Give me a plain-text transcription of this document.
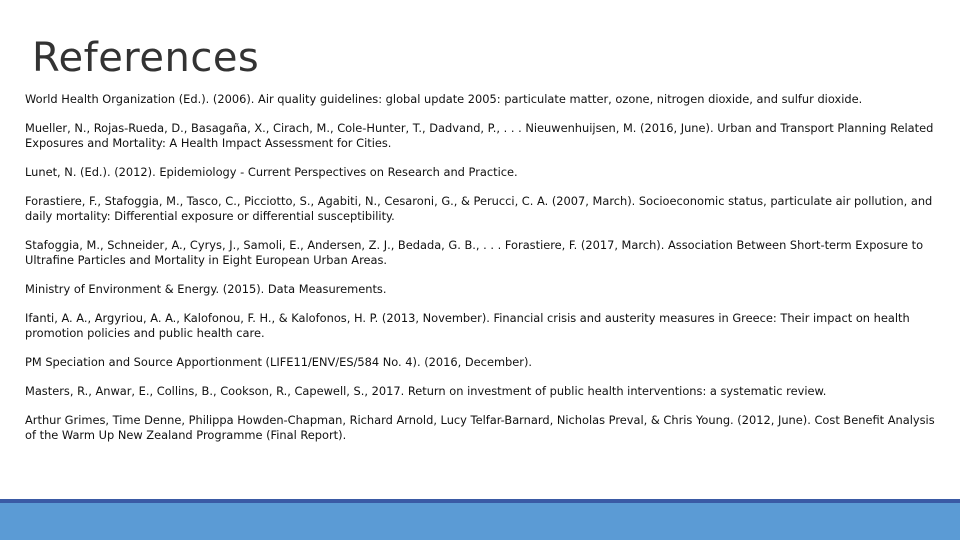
References
World Health Organization (Ed.). (2006). Air quality guidelines: global update 2005: particulate matter, ozone, nitrogen dioxide, and sulfur dioxide.
Mueller, N., Rojas-Rueda, D., Basagaña, X., Cirach, M., Cole-Hunter, T., Dadvand, P., . . . Nieuwenhuijsen, M. (2016, June). Urban and Transport Planning Related Exposures and Mortality: A Health Impact Assessment for Cities.
Lunet, N. (Ed.). (2012). Epidemiology - Current Perspectives on Research and Practice.
Forastiere, F., Stafoggia, M., Tasco, C., Picciotto, S., Agabiti, N., Cesaroni, G., & Perucci, C. A. (2007, March). Socioeconomic status, particulate air pollution, and daily mortality: Differential exposure or differential susceptibility.
Stafoggia, M., Schneider, A., Cyrys, J., Samoli, E., Andersen, Z. J., Bedada, G. B., . . . Forastiere, F. (2017, March). Association Between Short-term Exposure to Ultrafine Particles and Mortality in Eight European Urban Areas.
Ministry of Environment & Energy. (2015). Data Measurements.
Ifanti, A. A., Argyriou, A. A., Kalofonou, F. H., & Kalofonos, H. P. (2013, November). Financial crisis and austerity measures in Greece: Their impact on health promotion policies and public health care.
PM Speciation and Source Apportionment (LIFE11/ENV/ES/584 No. 4). (2016, December).
Masters, R., Anwar, E., Collins, B., Cookson, R., Capewell, S., 2017. Return on investment of public health interventions: a systematic review.
Arthur Grimes, Time Denne, Philippa Howden-Chapman, Richard Arnold, Lucy Telfar-Barnard, Nicholas Preval, & Chris Young. (2012, June). Cost Benefit Analysis of the Warm Up New Zealand Programme (Final Report).
